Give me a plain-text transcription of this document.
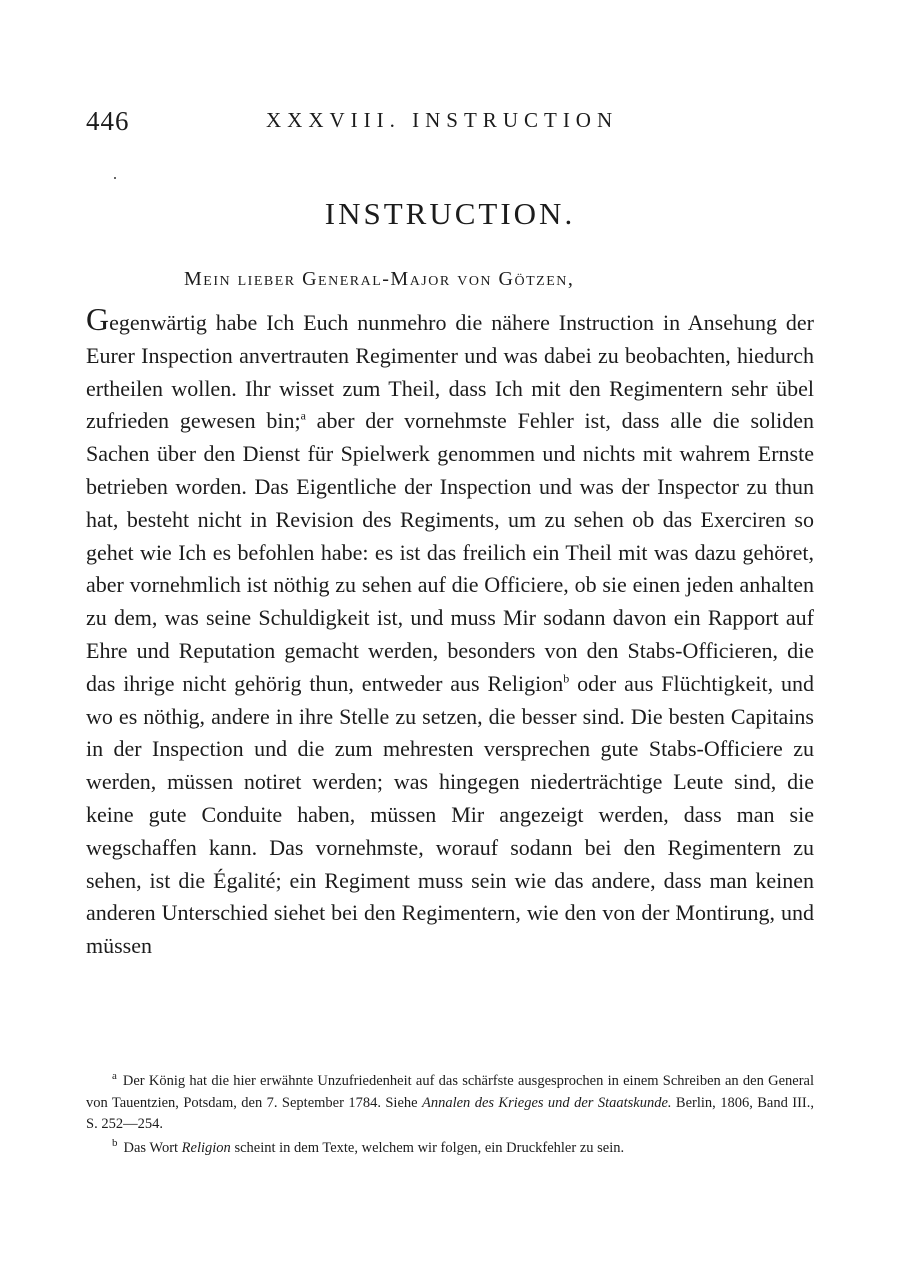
446	XXXVIII. INSTRUCTION
INSTRUCTION.
Mein lieber General-Major von Götzen,

Gegenwärtig habe Ich Euch nunmehro die nähere Instruction in Ansehung der Eurer Inspection anvertrauten Regimenter und was dabei zu beobachten, hiedurch ertheilen wollen. Ihr wisset zum Theil, dass Ich mit den Regimentern sehr übel zufrieden gewesen bin;$^a$ aber der vornehmste Fehler ist, dass alle die soliden Sachen über den Dienst für Spielwerk genommen und nichts mit wahrem Ernste betrieben worden. Das Eigentliche der Inspection und was der Inspector zu thun hat, besteht nicht in Revision des Regiments, um zu sehen ob das Exerciren so gehet wie Ich es befohlen habe: es ist das freilich ein Theil mit was dazu gehöret, aber vornehmlich ist nöthig zu sehen auf die Officiere, ob sie einen jeden anhalten zu dem, was seine Schuldigkeit ist, und muss Mir sodann davon ein Rapport auf Ehre und Reputation gemacht werden, besonders von den Stabs-Officieren, die das ihrige nicht gehörig thun, entweder aus Religion$^b$ oder aus Flüchtigkeit, und wo es nöthig, andere in ihre Stelle zu setzen, die besser sind. Die besten Capitains in der Inspection und die zum mehresten versprechen gute Stabs-Officiere zu werden, müssen notiret werden; was hingegen niederträchtige Leute sind, die keine gute Conduite haben, müssen Mir angezeigt werden, dass man sie wegschaffen kann. Das vornehmste, worauf sodann bei den Regimentern zu sehen, ist die Égalité; ein Regiment muss sein wie das andere, dass man keinen anderen Unterschied siehet bei den Regimentern, wie den von der Montirung, und müssen

$^a$ Der König hat die hier erwähnte Unzufriedenheit auf das schärfste ausgesprochen in einem Schreiben an den General von Tauentzien, Potsdam, den 7. September 1784. Siehe Annalen des Krieges und der Staatskunde. Berlin, 1806, Band III., S. 252—254.

$^b$ Das Wort Religion scheint in dem Texte, welchem wir folgen, ein Druckfehler zu sein.
